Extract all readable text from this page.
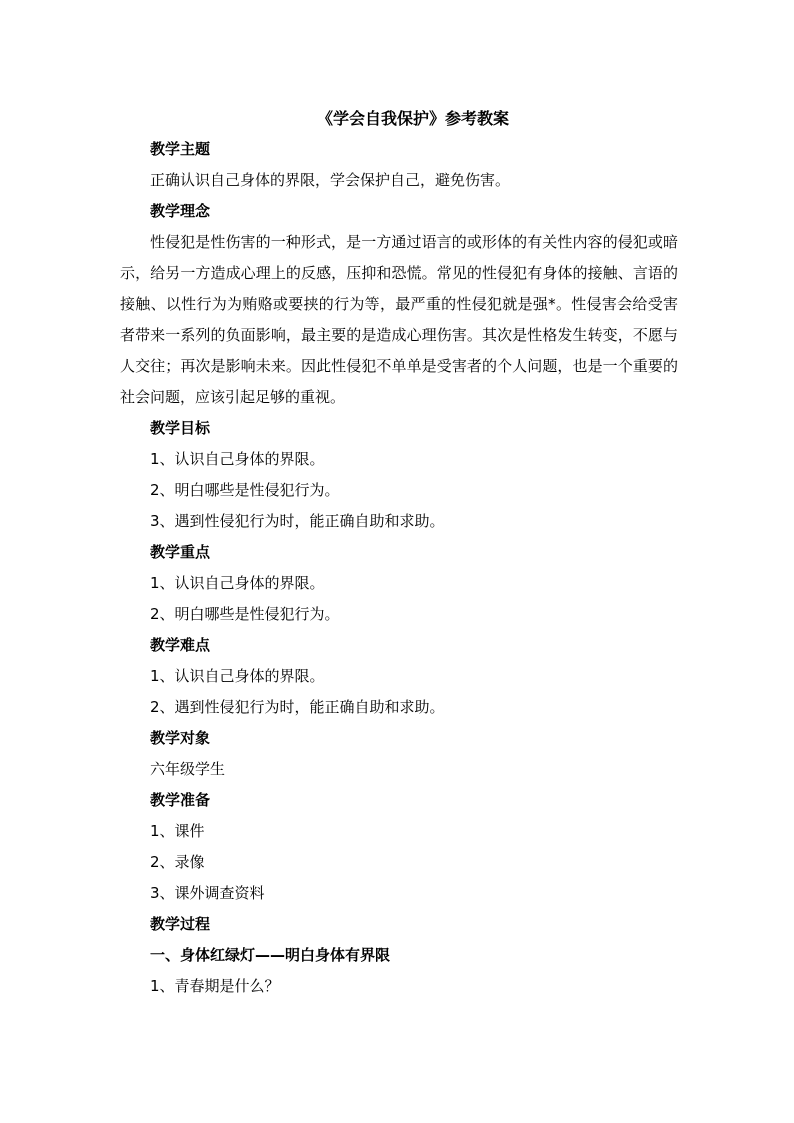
《学会自我保护》参考教案
教学主题
正确认识自己身体的界限，学会保护自己，避免伤害。
教学理念
性侵犯是性伤害的一种形式，是一方通过语言的或形体的有关性内容的侵犯或暗示，给另一方造成心理上的反感，压抑和恐慌。常见的性侵犯有身体的接触、言语的接触、以性行为为贿赂或要挟的行为等，最严重的性侵犯就是强*。性侵害会给受害者带来一系列的负面影响，最主要的是造成心理伤害。其次是性格发生转变，不愿与人交往；再次是影响未来。因此性侵犯不单单是受害者的个人问题，也是一个重要的社会问题，应该引起足够的重视。
教学目标
1、认识自己身体的界限。
2、明白哪些是性侵犯行为。
3、遇到性侵犯行为时，能正确自助和求助。
教学重点
1、认识自己身体的界限。
2、明白哪些是性侵犯行为。
教学难点
1、认识自己身体的界限。
2、遇到性侵犯行为时，能正确自助和求助。
教学对象
六年级学生
教学准备
1、课件
2、录像
3、课外调查资料
教学过程
一、身体红绿灯——明白身体有界限
1、青春期是什么？
